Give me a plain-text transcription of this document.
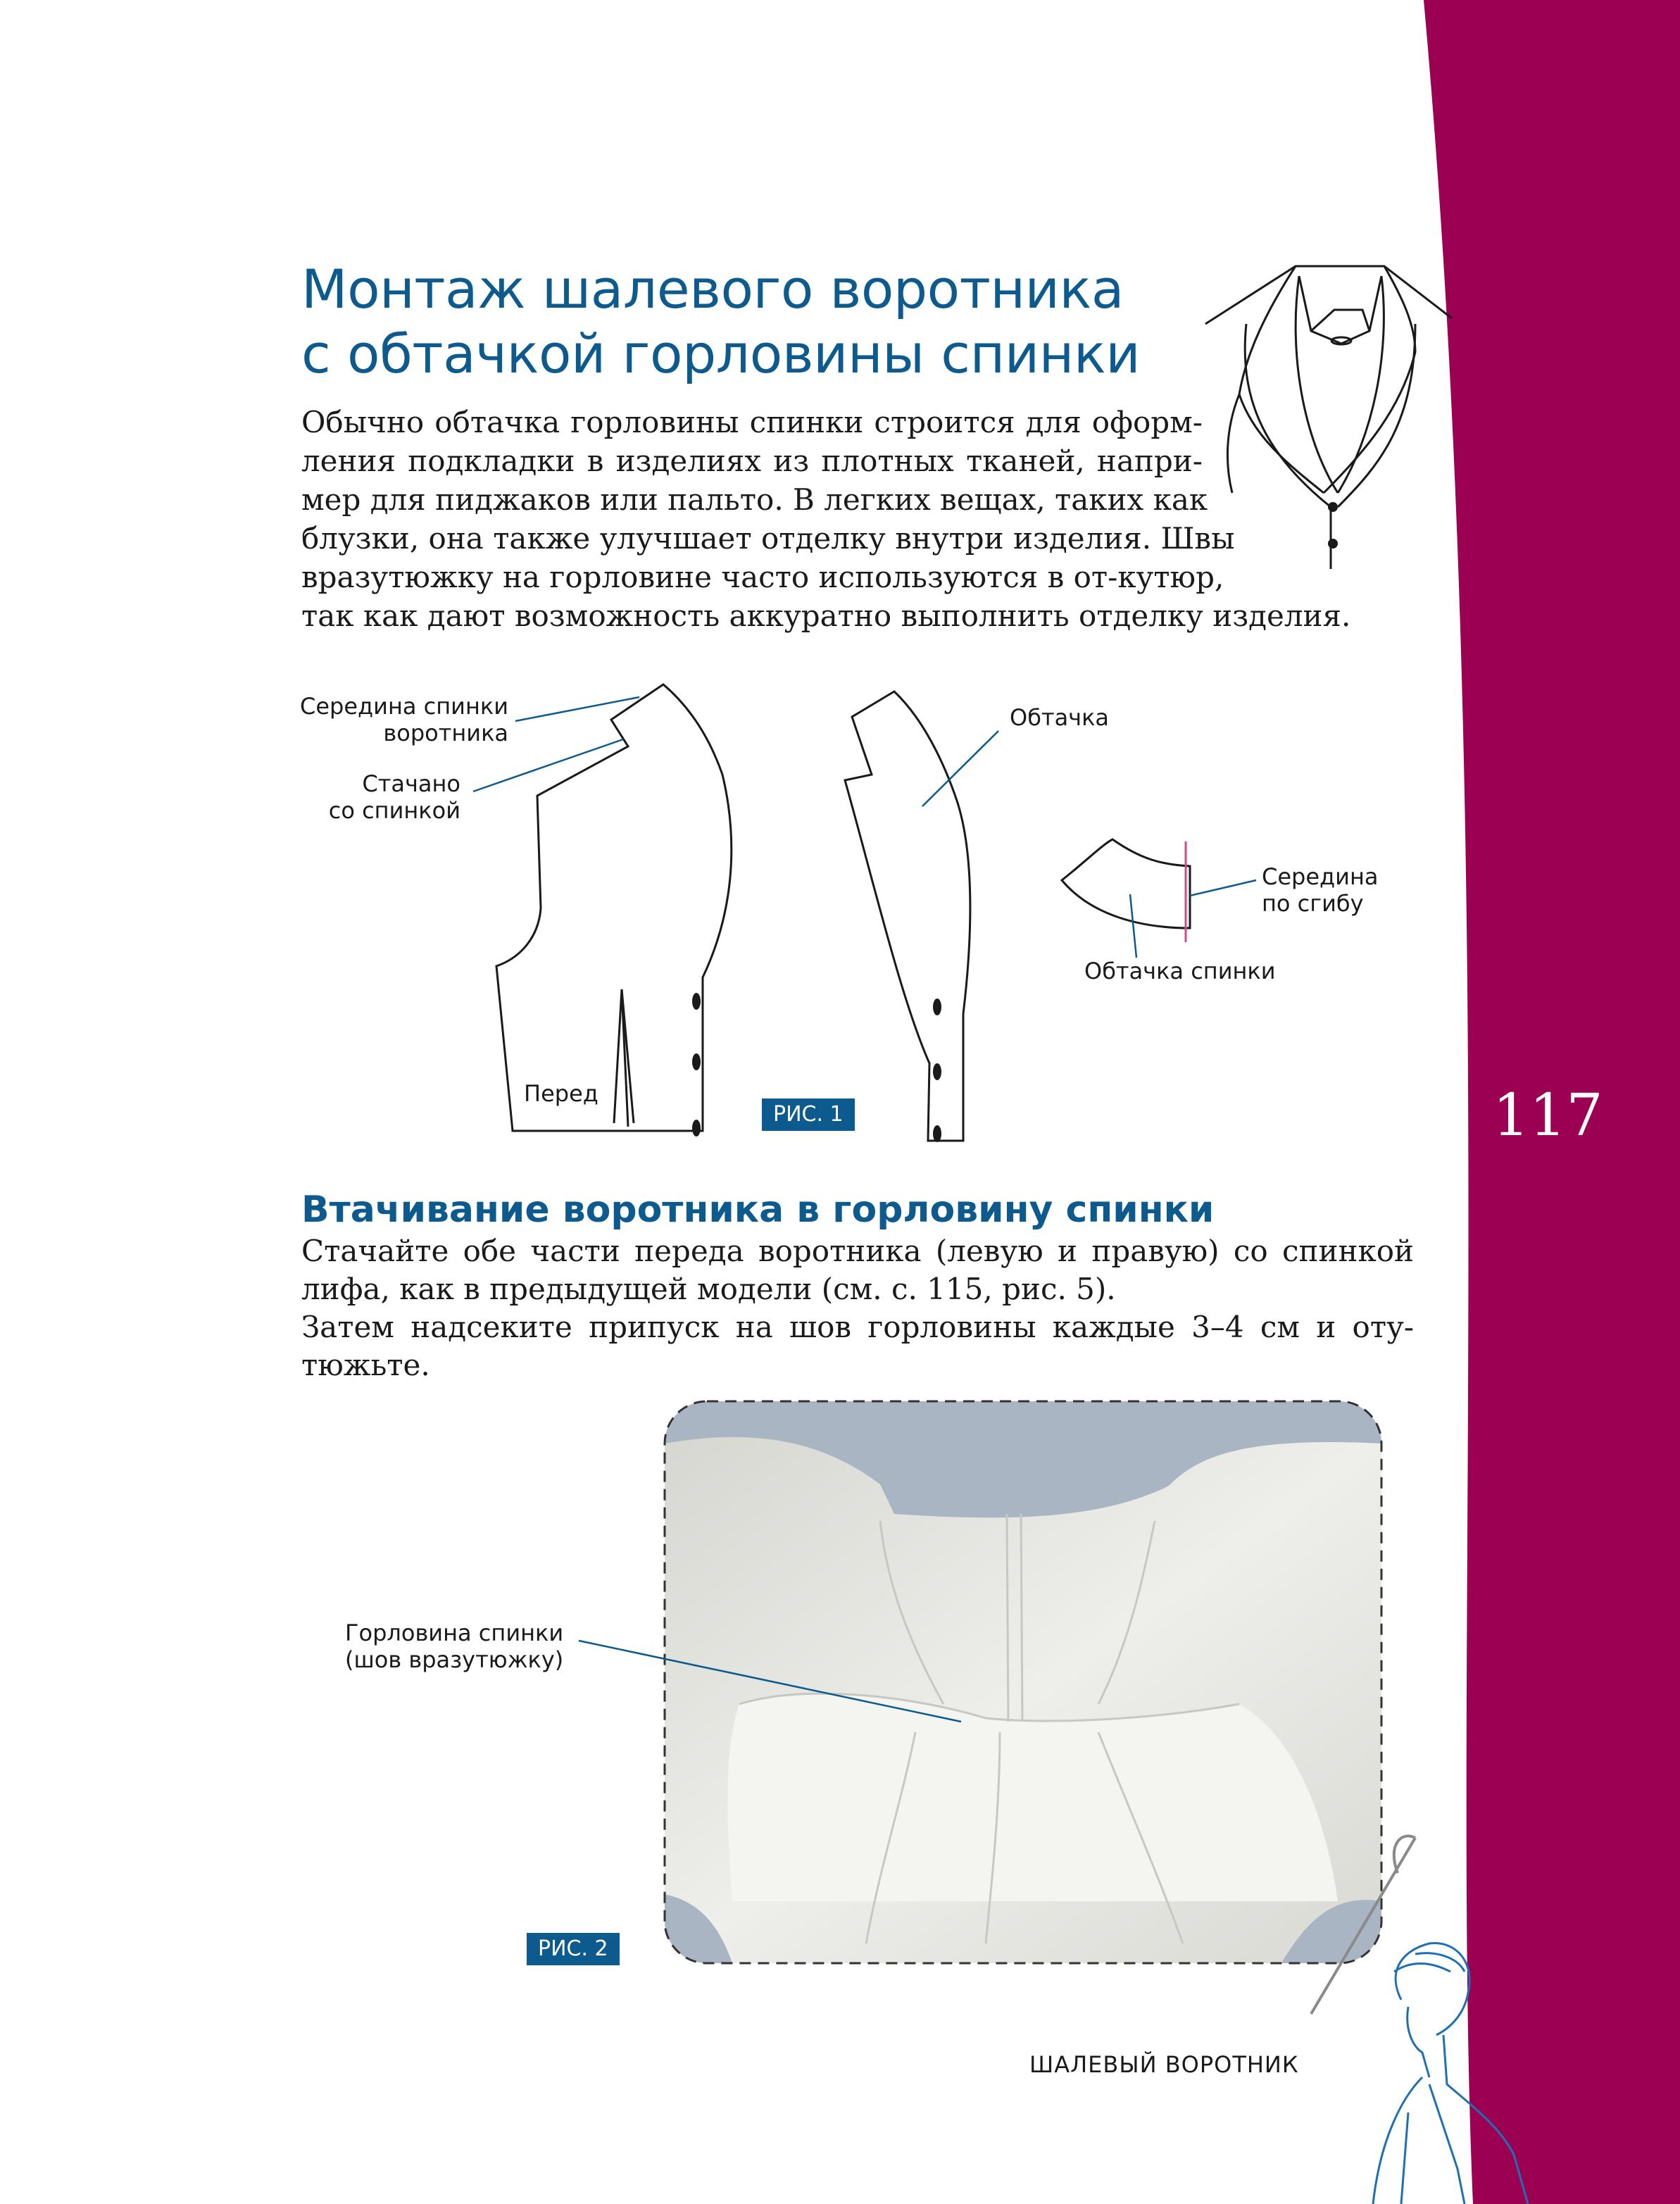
Монтаж шалевого воротника
с обтачкой горловины спинки

Обычно обтачка горловины спинки строится для оформ-
ления подкладки в изделиях из плотных тканей, напри-
мер для пиджаков или пальто. В легких вещах, таких как
блузки, она также улучшает отделку внутри изделия. Швы
вразутюжку на горловине часто используются в от-кутюр,
так как дают возможность аккуратно выполнить отделку изделия.

Середина спинки
воротника
Стачано
со спинкой
Перед
Обтачка
Середина
по сгибу
Обтачка спинки
РИС. 1
Втачивание воротника в горловину спинки

Стачайте обе части переда воротника (левую и правую) со спинкой
лифа, как в предыдущей модели (см. с. 115, рис. 5).
Затем надсеките припуск на шов горловины каждые 3–4 см и оту-
тюжьте.

Горловина спинки
(шов вразутюжку)
РИС. 2
117
ШАЛЕВЫЙ ВОРОТНИК
